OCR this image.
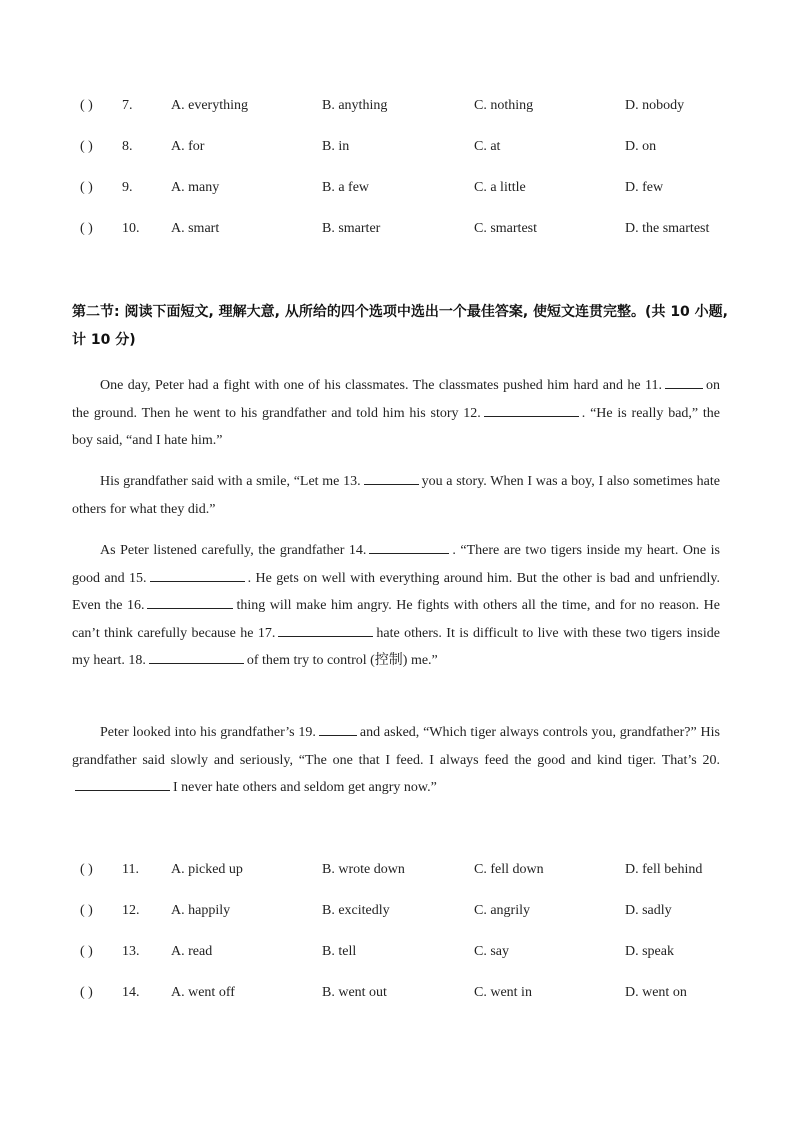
( ) 7.	A. everything	B. anything	C. nothing	D. nobody
( ) 8.	A. for	B. in	C. at	D. on
( ) 9.	A. many	B. a few	C. a little	D. few
( ) 10. A. smart	B. smarter	C. smartest	D. the smartest
第二节: 阅读下面短文, 理解大意, 从所给的四个选项中选出一个最佳答案, 使短文连贯完整。(共 10 小题, 计 10 分)

One day, Peter had a fight with one of his classmates. The classmates pushed him hard and he 11.	on the ground. Then he went to his grandfather and told him his story 12.	. “He is really bad,” the boy said, “and I hate him.”

His grandfather said with a smile, “Let me 13.	you a story. When I was a boy, I also sometimes hate others for what they did.”

As Peter listened carefully, the grandfather 14.	. “There are two tigers inside my heart. One is good and 15.	. He gets on well with everything around him. But the other is bad and unfriendly. Even the 16.	thing will make him angry. He fights with others all the time, and for no reason. He can’t think carefully because he 17.	hate others. It is difficult to live with these two tigers inside my heart. 18.	of them try to control (控制) me.”

Peter looked into his grandfather’s 19.	and asked, “Which tiger always controls you, grandfather?” His grandfather said slowly and seriously, “The one that I feed. I always feed the good and kind tiger. That’s 20.I never hate others and seldom get angry now.”

( ) 11. A. picked up	B. wrote down	C. fell down	D. fell behind
( ) 12. A. happily	B. excitedly	C. angrily	D. sadly
( ) 13. A. read	B. tell	C. say	D. speak
( ) 14. A. went off	B. went out	C. went in	D. went on
